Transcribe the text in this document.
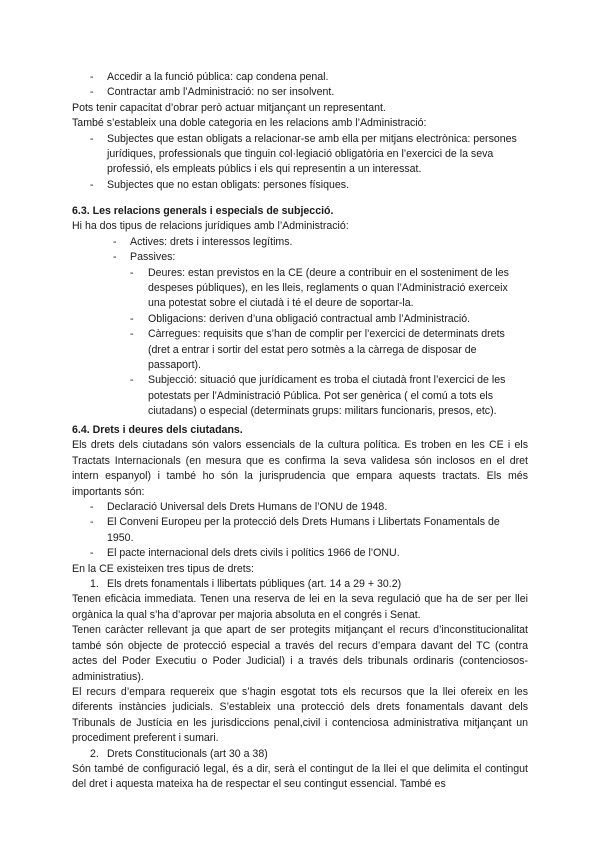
- Accedir a la funció pública: cap condena penal.
- Contractar amb l’Administració: no ser insolvent.

Pots tenir capacitat d’obrar però actuar mitjançant un representant.

També s’estableix una doble categoria en les relacions amb l’Administració:

- Subjectes que estan obligats a relacionar-se amb ella per mitjans electrònica: persones jurídiques, professionals que tinguin col·legiació obligatòria en l’exercici de la seva professió, els empleats públics i els qui representin a un interessat.
- Subjectes que no estan obligats: persones físiques.
6.3. Les relacions generals i especials de subjecció.

Hi ha dos tipus de relacions jurídiques amb l’Administració:

- Actives: drets i interessos legítims.
- Passives:
- Deures: estan previstos en la CE (deure a contribuir en el sosteniment de les despeses públiques), en les lleis, reglaments o quan l’Administració exerceix una potestat sobre el ciutadà i té el deure de soportar-la.
- Obligacions: deriven d’una obligació contractual amb l’Administració.
- Càrregues: requisits que s’han de complir per l’exercici de determinats drets (dret a entrar i sortir del estat pero sotmès a la càrrega de disposar de passaport).
- Subjecció: situació que jurídicament es troba el ciutadà front l’exercici de les potestats per l’Administració Pública. Pot ser genèrica ( el comú a tots els ciutadans) o especial (determinats grups: militars funcionaris, presos, etc).
6.4. Drets i deures dels ciutadans.

Els drets dels ciutadans són valors essencials de la cultura política. Es troben en les CE i els Tractats Internacionals (en mesura que es confirma la seva validesa són inclosos en el dret intern espanyol) i també ho són la jurisprudencia que empara aquests tractats. Els més importants són:

- Declaració Universal dels Drets Humans de l’ONU de 1948.
- El Conveni Europeu per la protecció dels Drets Humans i Llibertats Fonamentals de 1950.
- El pacte internacional dels drets civils i polítics 1966 de l’ONU.

En la CE existeixen tres tipus de drets:

1. Els drets fonamentals i llibertats públiques (art. 14 a 29 + 30.2)

Tenen eficàcia immediata. Tenen una reserva de lei en la seva regulació que ha de ser per llei orgànica la qual s’ha d’aprovar per majoria absoluta en el congrés i Senat.

Tenen caràcter rellevant ja que apart de ser protegits mitjançant el recurs d’inconstitucionalitat també són objecte de protecció especial a través del recurs d’empara davant del TC (contra actes del Poder Executiu o Poder Judicial) i a través dels tribunals ordinaris (contenciosos-administratius).

El recurs d’empara requereix que s’hagin esgotat tots els recursos que la llei ofereix en les diferents instàncies judicials. S’estableix una protecció dels drets fonamentals davant dels Tribunals de Justícia en les jurisdiccions penal,civil i contenciosa administrativa mitjançant un procediment preferent i sumari.

2. Drets Constitucionals (art 30 a 38)

Són també de configuració legal, és a dir, serà el contingut de la llei el que delimita el contingut del dret i aquesta mateixa ha de respectar el seu contingut essencial. També es
